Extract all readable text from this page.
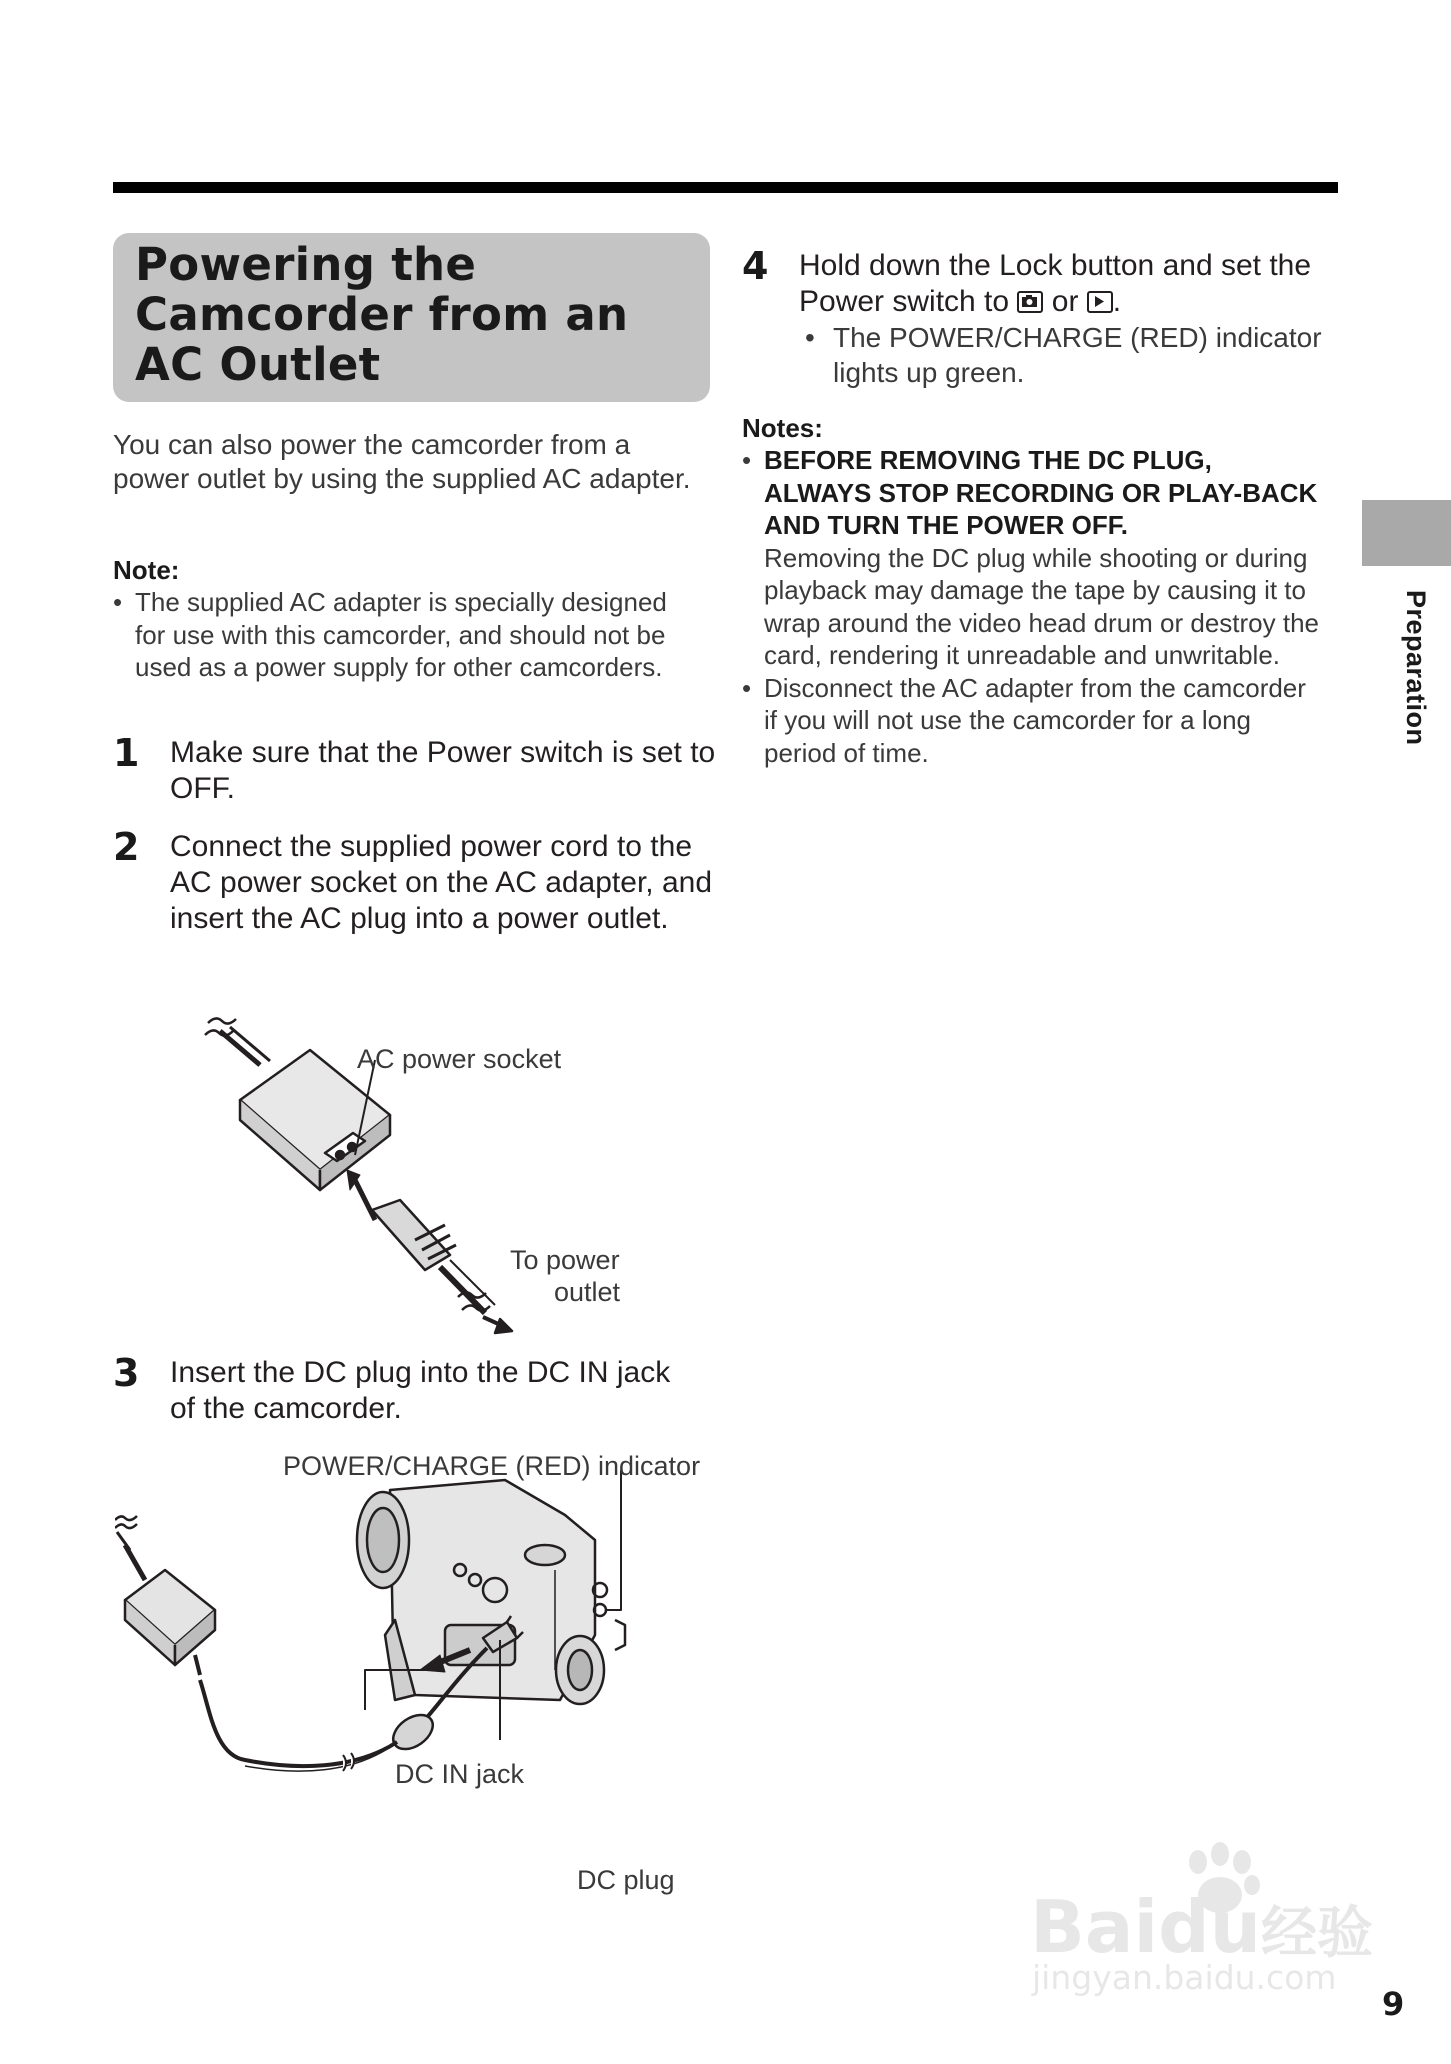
Powering the
Camcorder from an
AC Outlet
You can also power the camcorder from a power outlet by using the supplied AC adapter.
Note:
• The supplied AC adapter is specially designed for use with this camcorder, and should not be used as a power supply for other camcorders.
1 Make sure that the Power switch is set to OFF.
2 Connect the supplied power cord to the AC power socket on the AC adapter, and insert the AC plug into a power outlet.
AC power socket
To power
outlet
3 Insert the DC plug into the DC IN jack of the camcorder.
POWER/CHARGE (RED) indicator
DC IN jack
DC plug
4 Hold down the Lock button and set the Power switch to or .
• The POWER/CHARGE (RED) indicator lights up green.
Notes:
• BEFORE REMOVING THE DC PLUG, ALWAYS STOP RECORDING OR PLAY-BACK AND TURN THE POWER OFF.
Removing the DC plug while shooting or during playback may damage the tape by causing it to wrap around the video head drum or destroy the card, rendering it unreadable and unwritable.
• Disconnect the AC adapter from the camcorder if you will not use the camcorder for a long period of time.
Preparation
Baidu经验
jingyan.baidu.com
9
